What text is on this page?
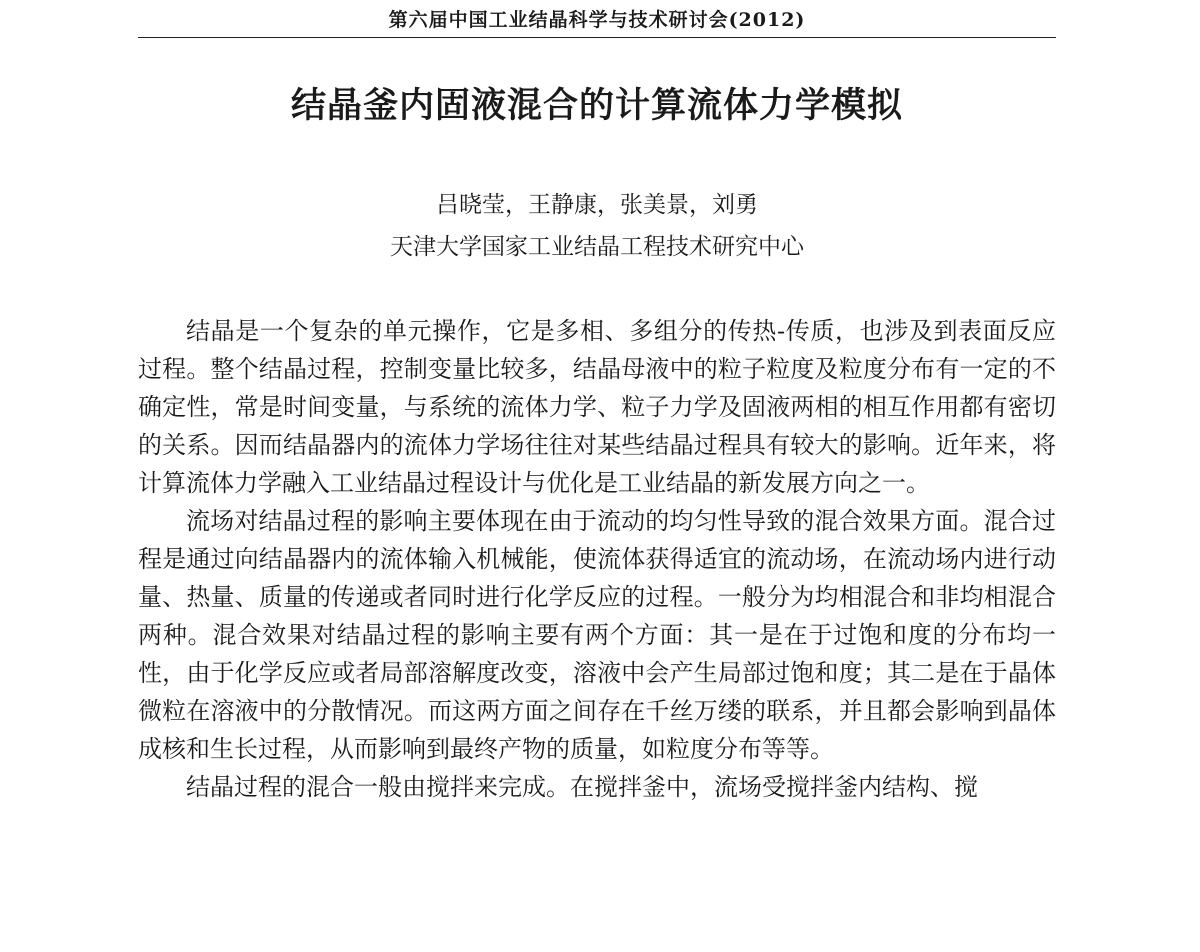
第六届中国工业结晶科学与技术研讨会(2012)
结晶釜内固液混合的计算流体力学模拟
吕晓莹，王静康，张美景，刘勇
天津大学国家工业结晶工程技术研究中心

结晶是一个复杂的单元操作，它是多相、多组分的传热-传质，也涉及到表面反应过程。整个结晶过程，控制变量比较多，结晶母液中的粒子粒度及粒度分布有一定的不确定性，常是时间变量，与系统的流体力学、粒子力学及固液两相的相互作用都有密切的关系。因而结晶器内的流体力学场往往对某些结晶过程具有较大的影响。近年来，将计算流体力学融入工业结晶过程设计与优化是工业结晶的新发展方向之一。

流场对结晶过程的影响主要体现在由于流动的均匀性导致的混合效果方面。混合过程是通过向结晶器内的流体输入机械能，使流体获得适宜的流动场，在流动场内进行动量、热量、质量的传递或者同时进行化学反应的过程。一般分为均相混合和非均相混合两种。混合效果对结晶过程的影响主要有两个方面：其一是在于过饱和度的分布均一性，由于化学反应或者局部溶解度改变，溶液中会产生局部过饱和度；其二是在于晶体微粒在溶液中的分散情况。而这两方面之间存在千丝万缕的联系，并且都会影响到晶体成核和生长过程，从而影响到最终产物的质量，如粒度分布等等。

结晶过程的混合一般由搅拌来完成。在搅拌釜中，流场受搅拌釜内结构、搅
